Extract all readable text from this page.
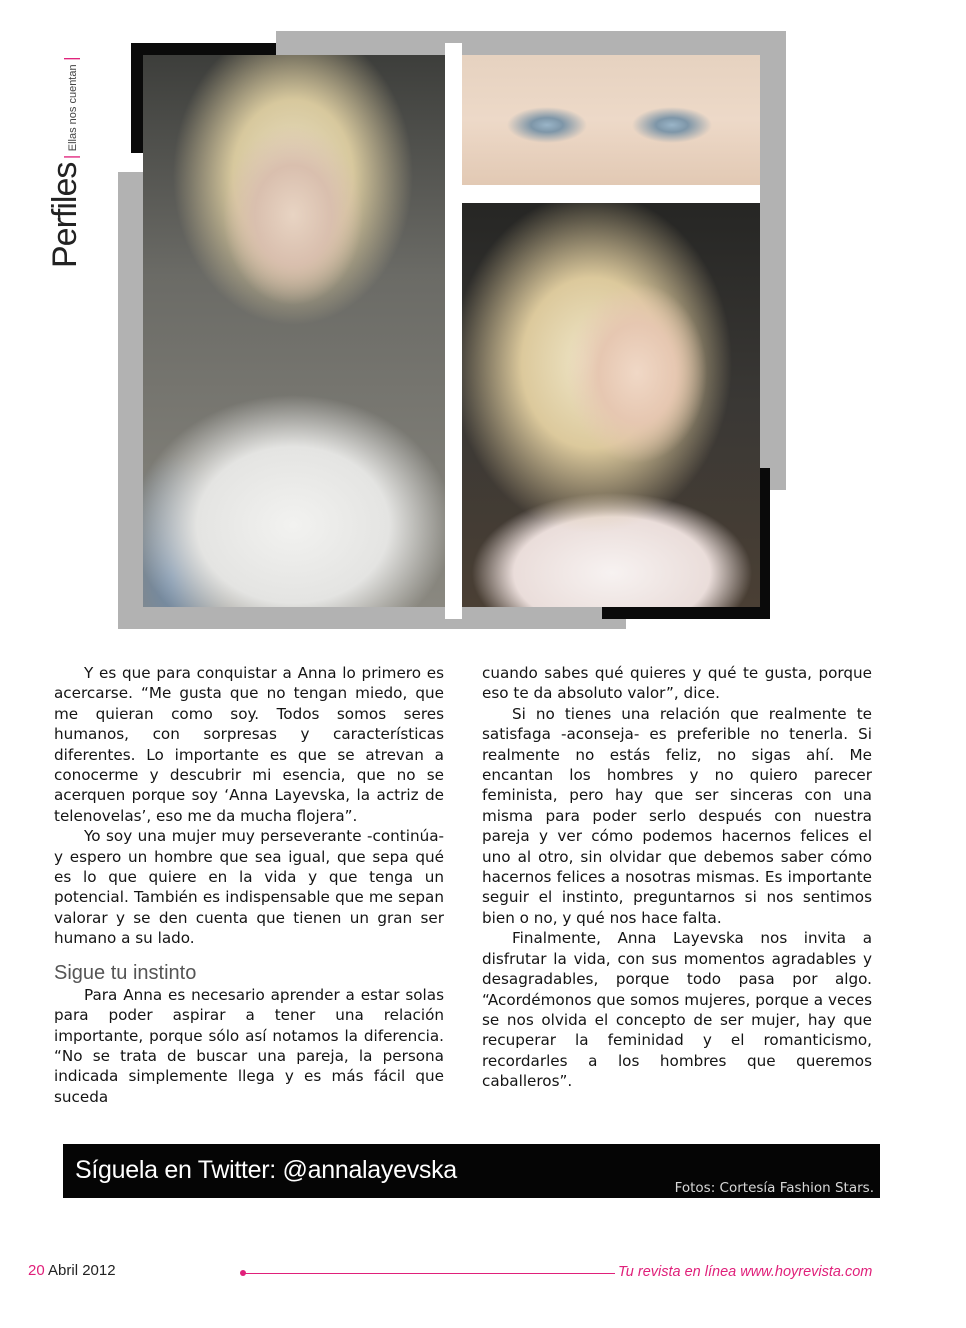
Perfiles
|
Ellas nos cuentan
|

Y es que para conquistar a Anna lo primero es acercarse. “Me gusta que no tengan miedo, que me quieran como soy. Todos somos seres humanos, con sorpresas y características diferentes. Lo importante es que se atrevan a conocerme y descubrir mi esencia, que no se acerquen porque soy ‘Anna Layevska, la actriz de telenovelas’, eso me da mucha flojera”.

Yo soy una mujer muy perseverante -continúa- y espero un hombre que sea igual, que sepa qué es lo que quiere en la vida y que tenga un potencial. También es indispensable que me sepan valorar y se den cuenta que tienen un gran ser humano a su lado.

Sigue tu instinto

Para Anna es necesario aprender a estar solas para poder aspirar a tener una relación importante, porque sólo así notamos la diferencia. “No se trata de buscar una pareja, la persona indicada simplemente llega y es más fácil que suceda

cuando sabes qué quieres y qué te gusta, porque eso te da absoluto valor”, dice.

Si no tienes una relación que realmente te satisfaga -aconseja- es preferible no tenerla. Si realmente no estás feliz, no sigas ahí. Me encantan los hombres y no quiero parecer feminista, pero hay que ser sinceras con una misma para poder serlo después con nuestra pareja y ver cómo podemos hacernos felices el uno al otro, sin olvidar que debemos saber cómo hacernos felices a nosotras mismas. Es importante seguir el instinto, preguntarnos si nos sentimos bien o no, y qué nos hace falta.

Finalmente, Anna Layevska nos invita a disfrutar la vida, con sus momentos agradables y desagradables, porque todo pasa por algo. “Acordémonos que somos mujeres, porque a veces se nos olvida el concepto de ser mujer, hay que recuperar la feminidad y el romanticismo, recordarles a los hombres que queremos caballeros”.

Síguela en Twitter: @annalayevska
Fotos: Cortesía Fashion Stars.
20 Abril 2012	Tu revista en línea www.hoyrevista.com
